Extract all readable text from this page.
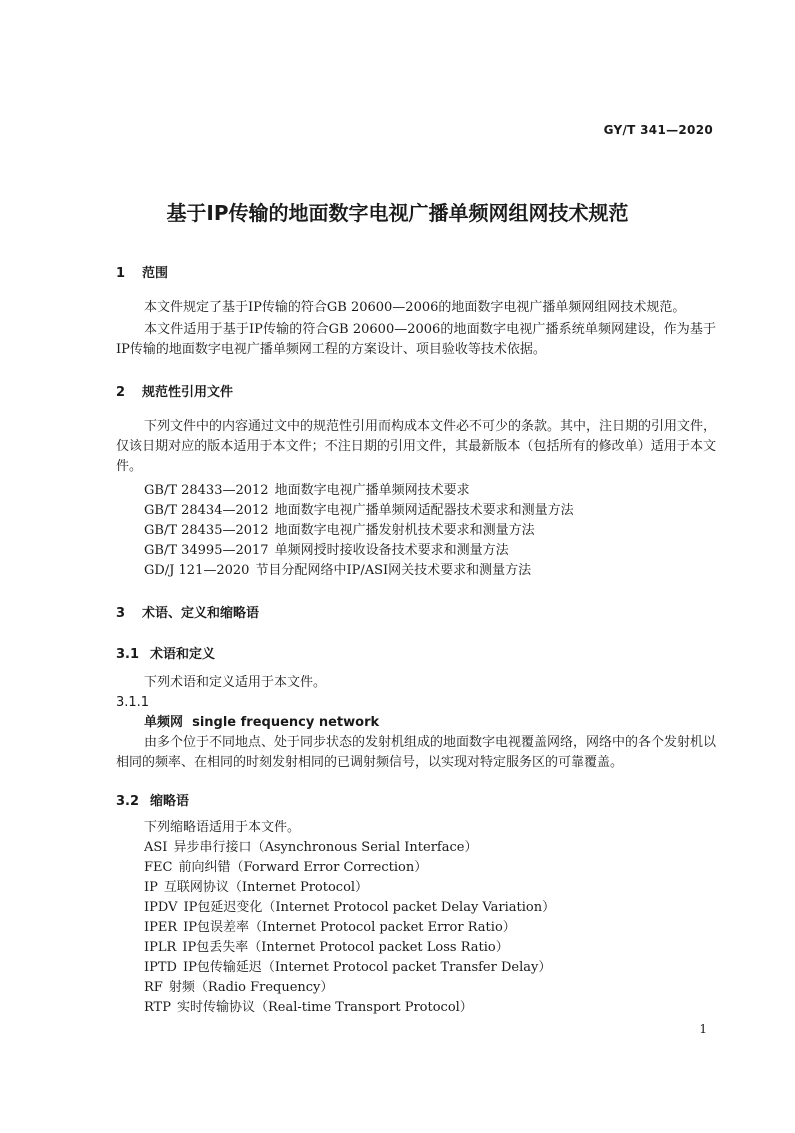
GY/T 341—2020
基于IP传输的地面数字电视广播单频网组网技术规范
1 范围
本文件规定了基于IP传输的符合GB 20600—2006的地面数字电视广播单频网组网技术规范。
本文件适用于基于IP传输的符合GB 20600—2006的地面数字电视广播系统单频网建设，作为基于IP传输的地面数字电视广播单频网工程的方案设计、项目验收等技术依据。
2 规范性引用文件
下列文件中的内容通过文中的规范性引用而构成本文件必不可少的条款。其中，注日期的引用文件，仅该日期对应的版本适用于本文件；不注日期的引用文件，其最新版本（包括所有的修改单）适用于本文件。
GB/T 28433—2012 地面数字电视广播单频网技术要求
GB/T 28434—2012 地面数字电视广播单频网适配器技术要求和测量方法
GB/T 28435—2012 地面数字电视广播发射机技术要求和测量方法
GB/T 34995—2017 单频网授时接收设备技术要求和测量方法
GD/J 121—2020 节目分配网络中IP/ASI网关技术要求和测量方法
3 术语、定义和缩略语
3.1 术语和定义
下列术语和定义适用于本文件。
3.1.1
单频网 single frequency network
由多个位于不同地点、处于同步状态的发射机组成的地面数字电视覆盖网络，网络中的各个发射机以相同的频率、在相同的时刻发射相同的已调射频信号，以实现对特定服务区的可靠覆盖。
3.2 缩略语
下列缩略语适用于本文件。
ASI 异步串行接口（Asynchronous Serial Interface）
FEC 前向纠错（Forward Error Correction）
IP 互联网协议（Internet Protocol）
IPDV IP包延迟变化（Internet Protocol packet Delay Variation）
IPER IP包误差率（Internet Protocol packet Error Ratio）
IPLR IP包丢失率（Internet Protocol packet Loss Ratio）
IPTD IP包传输延迟（Internet Protocol packet Transfer Delay）
RF 射频（Radio Frequency）
RTP 实时传输协议（Real-time Transport Protocol）
1
